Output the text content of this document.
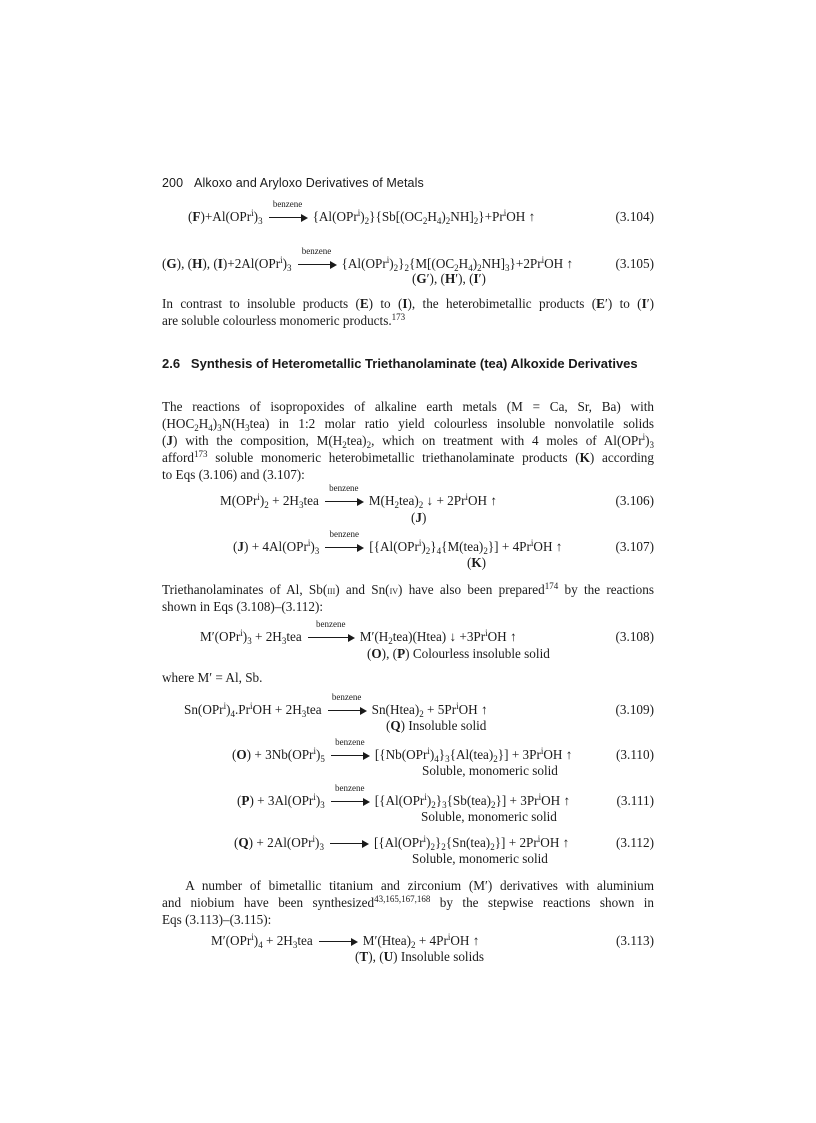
200 Alkoxo and Aryloxo Derivatives of Metals
$(F)+Al(OPr^i)_3$
benzene
$\{Al(OPr^i)_2\}\{Sb[(OC_2H_4)_2NH]_2\}+Pr^iOH$ ↑	(3.104)
(G), (H), $(I)+2Al(OPr^i)_3$
benzene
$\{Al(OPr^i)_2\}_2\{M[(OC_2H_4)_2NH]_3\}+2Pr^iOH$ ↑	(3.105)
(G′), (H′), (I′)
In contrast to insoluble products (E) to (I), the heterobimetallic products (E′) to (I′)
are soluble colourless monomeric products.$^{173}$
2.6 Synthesis of Heterometallic Triethanolaminate (tea) Alkoxide Derivatives
The reactions of isopropoxides of alkaline earth metals (M = Ca, Sr, Ba) with
$(HOC_2H_4)_3N(H_3tea)$ in 1:2 molar ratio yield colourless insoluble nonvolatile solids
(J) with the composition, $M(H_2tea)_2$, which on treatment with 4 moles of $Al(OPr^i)_3$
afford$^{173}$ soluble monomeric heterobimetallic triethanolaminate products (K) according
to Eqs (3.106) and (3.107):
$M(OPr^i)_2 + 2H_3tea$
benzene
$M(H_2tea)_2$ ↓ + $2Pr^iOH$ ↑	(3.106)
(J)
$(J) + 4Al(OPr^i)_3$
benzene
$[\{Al(OPr^i)_2\}_4\{M(tea)_2\}] + 4Pr^iOH$ ↑	(3.107)
(K)
Triethanolaminates of Al, Sb(iii) and Sn(iv) have also been prepared$^{174}$ by the reactions
shown in Eqs (3.108)–(3.112):
$M'(OPr^i)_3 + 2H_3tea$
benzene
$M'(H_2tea)(Htea)$ ↓ $+3Pr^iOH$ ↑	(3.108)
(O), (P) Colourless insoluble solid
where M′ = Al, Sb.
$Sn(OPr^i)_4.Pr^iOH + 2H_3tea$
benzene
$Sn(Htea)_2 + 5Pr^iOH$ ↑	(3.109)
(Q) Insoluble solid
$(O) + 3Nb(OPr^i)_5$
benzene
$[\{Nb(OPr^i)_4\}_3\{Al(tea)_2\}] + 3Pr^iOH$ ↑	(3.110)
Soluble, monomeric solid
$(P) + 3Al(OPr^i)_3$
benzene
$[\{Al(OPr^i)_2\}_3\{Sb(tea)_2\}] + 3Pr^iOH$ ↑	(3.111)
Soluble, monomeric solid
$(Q) + 2Al(OPr^i)_3$	$[\{Al(OPr^i)_2\}_2\{Sn(tea)_2\}] + 2Pr^iOH$ ↑	(3.112)
Soluble, monomeric solid
A number of bimetallic titanium and zirconium (M′) derivatives with aluminium
and niobium have been synthesized$^{43,165,167,168}$ by the stepwise reactions shown in
Eqs (3.113)–(3.115):
$M'(OPr^i)_4 + 2H_3tea$	$M'(Htea)_2 + 4Pr^iOH$ ↑	(3.113)
(T), (U) Insoluble solids
